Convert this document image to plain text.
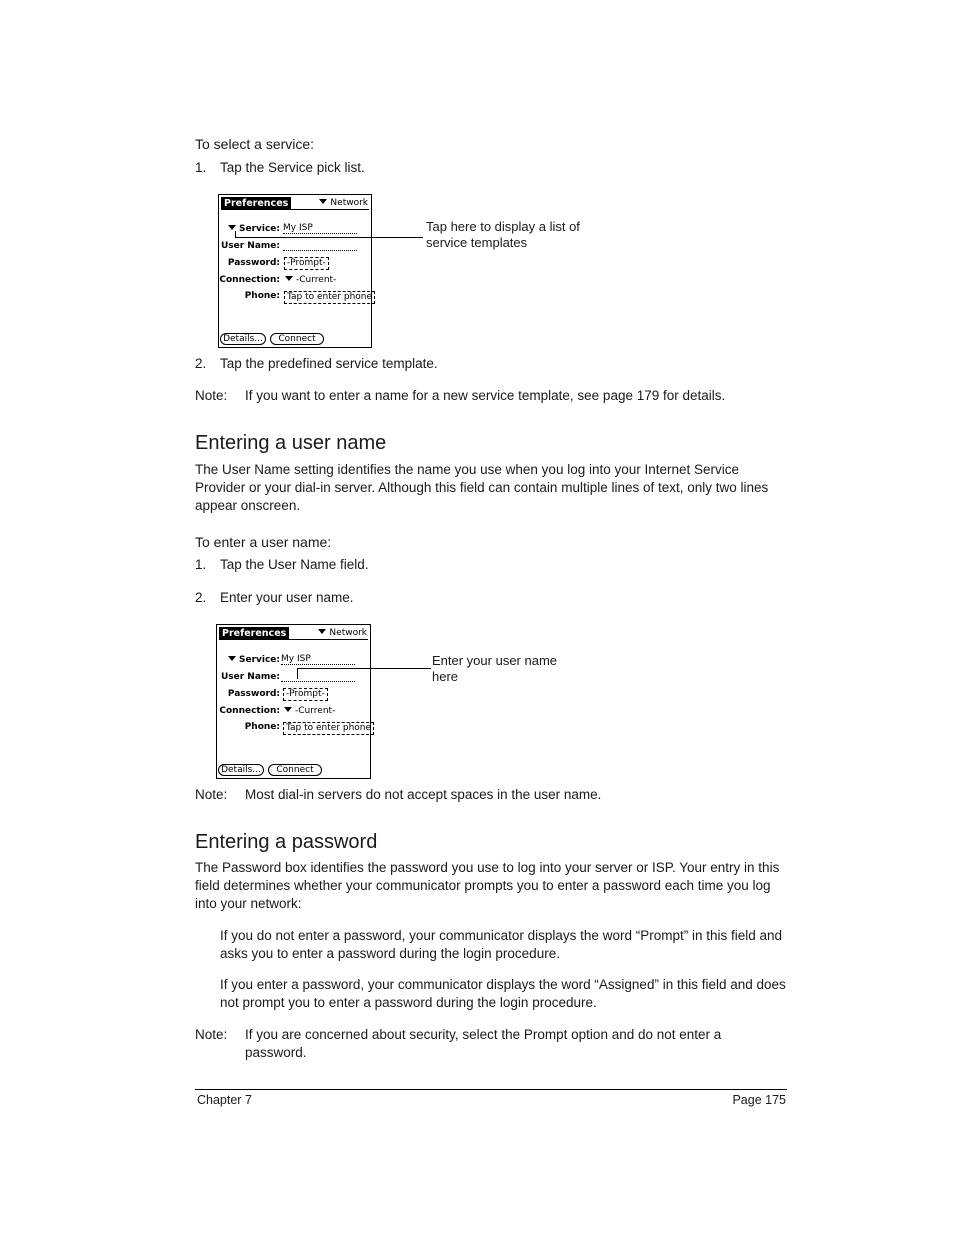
To select a service:
1. Tap the Service pick list.
Preferences	Network
Service: My ISP
User Name:
Password: -Prompt-
Connection:	-Current-
Phone: Tap to enter phone
Details...	Connect
Tap here to display a list of service templates
2. Tap the predefined service template.
Note: If you want to enter a name for a new service template, see page 179 for details.
Entering a user name
The User Name setting identifies the name you use when you log into your Internet Service Provider or your dial-in server. Although this field can contain multiple lines of text, only two lines appear onscreen.
To enter a user name:
1. Tap the User Name field.
2. Enter your user name.
Preferences	Network
Service: My ISP
User Name:
Password: -Prompt-
Connection:	-Current-
Phone: Tap to enter phone
Details...	Connect
Enter your user name here
Note: Most dial-in servers do not accept spaces in the user name.
Entering a password
The Password box identifies the password you use to log into your server or ISP. Your entry in this field determines whether your communicator prompts you to enter a password each time you log into your network:
If you do not enter a password, your communicator displays the word “Prompt” in this field and asks you to enter a password during the login procedure.
If you enter a password, your communicator displays the word “Assigned” in this field and does not prompt you to enter a password during the login procedure.
Note: If you are concerned about security, select the Prompt option and do not enter a password.
Chapter 7	Page 175
